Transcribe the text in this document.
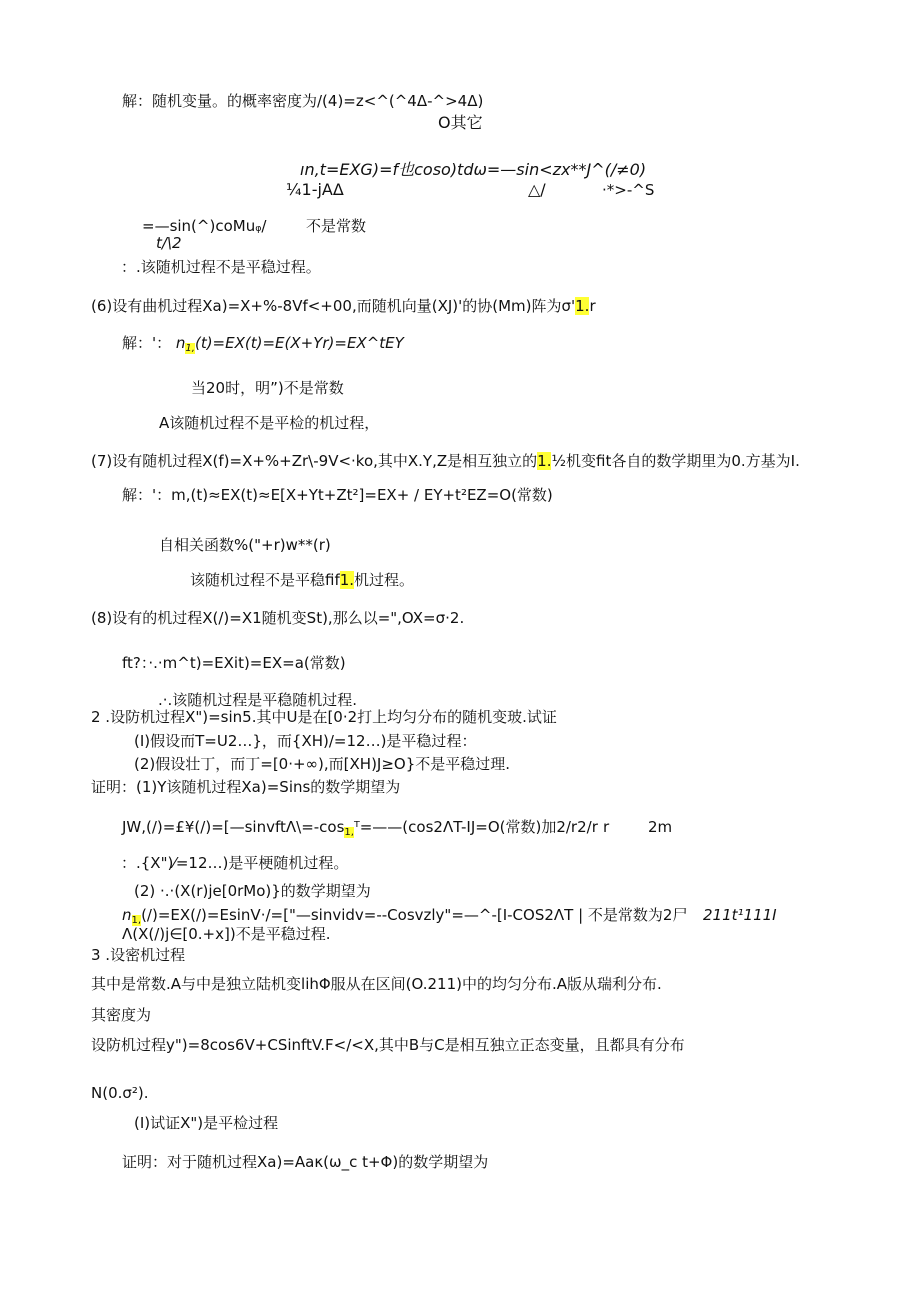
解：随机变量。的概率密度为/(4)=z<^(^4Δ-^>4Δ)
O其它
ın,t=EXG)=f也coso)tdω=—sin<zx**J^(/≠0)
¼1-jAΔ	△/	·*>-^S
=—sin(^)coMuᵩ/	不是常数
t/\2
：.该随机过程不是平稳过程。
(6)设有曲机过程Xa)=X+%-8Vf<+00,而随机向量(XJ)'的协(Mm)阵为σ'1.r
解：'： $n_{1,}(t)=EX(t)=E(X+Yr)=EX\^{}tEY$
当20时，明”)不是常数
A该随机过程不是平检的机过程，
(7)设有随机过程X(f)=X+%+Zr\-9V<·ko,其中X.Y,Z是相互独立的1.½机变fit各自的数学期里为0.方基为I.
解：'：m,(t)≈EX(t)≈E[X+Yt+Zt²]=EX+ / EY+t²EZ=O(常数)
自相关函数%("+r)w**(r)
该随机过程不是平稳fif1.机过程。
(8)设有的机过程X(/)=X1随机变St),那么以=",OX=σ·2.
ft?：·.·m^t)=EXit)=EX=a(常数)
.·.该随机过程是平稳随机过程.
2 .设防机过程X")=sin5.其中U是在[0·2打上均匀分布的随机变玻.试证
(I)假设而T=U2…}，而{XH)/=12…)是平稳过程：
(2)假设壮丁，而丁=[0·+∞),而[XH)J≥O}不是平稳过理.
证明：(1)Y该随机过程Xa)=Sins的数学期望为
$JW,(/)=£¥(/)=[—sinvft\Lambda\backslash=-\cos_{1,}ᵀ=——(\cos 2\Lambda T-IJ=O$(常数)加2/r2/r r	2m
：.{X")⁄=12…)是平梗随机过程。
(2) ·.·(X(r)je[0rMo)}的数学期望为
$n_{1,}(/)=EX(/)=EsinV\cdot/=["—sinvidv=--Cosvzly"=—\^{}-[I-COS2\Lambda T$ | 不是常数为2尸 211t¹111I
Λ(X(/)j∈[0.+x])不是平稳过程.
3 .设密机过程
其中是常数.A与中是独立陆机变lihΦ服从在区间(O.211)中的均匀分布.A版从瑞利分布.
其密度为
设防机过程y")=8cos6V+CSinftV.F</<X,其中B与C是相互独立正态变量，且都具有分布
N(0.σ²).
(I)试证X")是平检过程
证明：对于随机过程Xa)=Aaκ(ω_c t+Φ)的数学期望为
